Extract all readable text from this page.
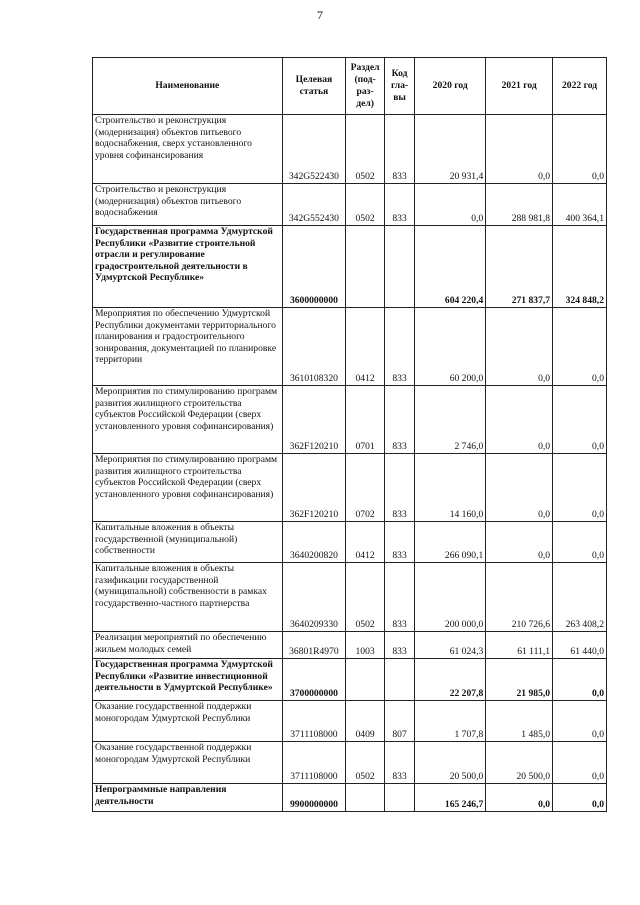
7
Наименование	Целевая статья	Раздел (под-раз-дел)	Код гла-вы	2020 год	2021 год	2022 год
Строительство и реконструкция (модернизация) объектов питьевого водоснабжения, сверх установленного уровня софинансирования	342G522430	0502	833	20 931,4	0,0	0,0
Строительство и реконструкция (модернизация) объектов питьевого водоснабжения	342G552430	0502	833	0,0	288 981,8	400 364,1
Государственная программа Удмуртской Республики «Развитие строительной отрасли и регулирование градостроительной деятельности в Удмуртской Республике»	3600000000			604 220,4	271 837,7	324 848,2
Мероприятия по обеспечению Удмуртской Республики документами территориального планирования и градостроительного зонирования, документацией по планировке территории	3610108320	0412	833	60 200,0	0,0	0,0
Мероприятия по стимулированию программ развития жилищного строительства субъектов Российской Федерации (сверх установленного уровня софинансирования)	362F120210	0701	833	2 746,0	0,0	0,0
Мероприятия по стимулированию программ развития жилищного строительства субъектов Российской Федерации (сверх установленного уровня софинансирования)	362F120210	0702	833	14 160,0	0,0	0,0
Капитальные вложения в объекты государственной (муниципальной) собственности	3640200820	0412	833	266 090,1	0,0	0,0
Капитальные вложения в объекты газификации государственной (муниципальной) собственности в рамках государственно-частного партнерства	3640209330	0502	833	200 000,0	210 726,6	263 408,2
Реализация мероприятий по обеспечению жильем молодых семей	36801R4970	1003	833	61 024,3	61 111,1	61 440,0
Государственная программа Удмуртской Республики «Развитие инвестиционной деятельности в Удмуртской Республике»	3700000000			22 207,8	21 985,0	0,0
Оказание государственной поддержки моногородам Удмуртской Республики	3711108000	0409	807	1 707,8	1 485,0	0,0
Оказание государственной поддержки моногородам Удмуртской Республики	3711108000	0502	833	20 500,0	20 500,0	0,0
Непрограммные направления деятельности	9900000000			165 246,7	0,0	0,0
